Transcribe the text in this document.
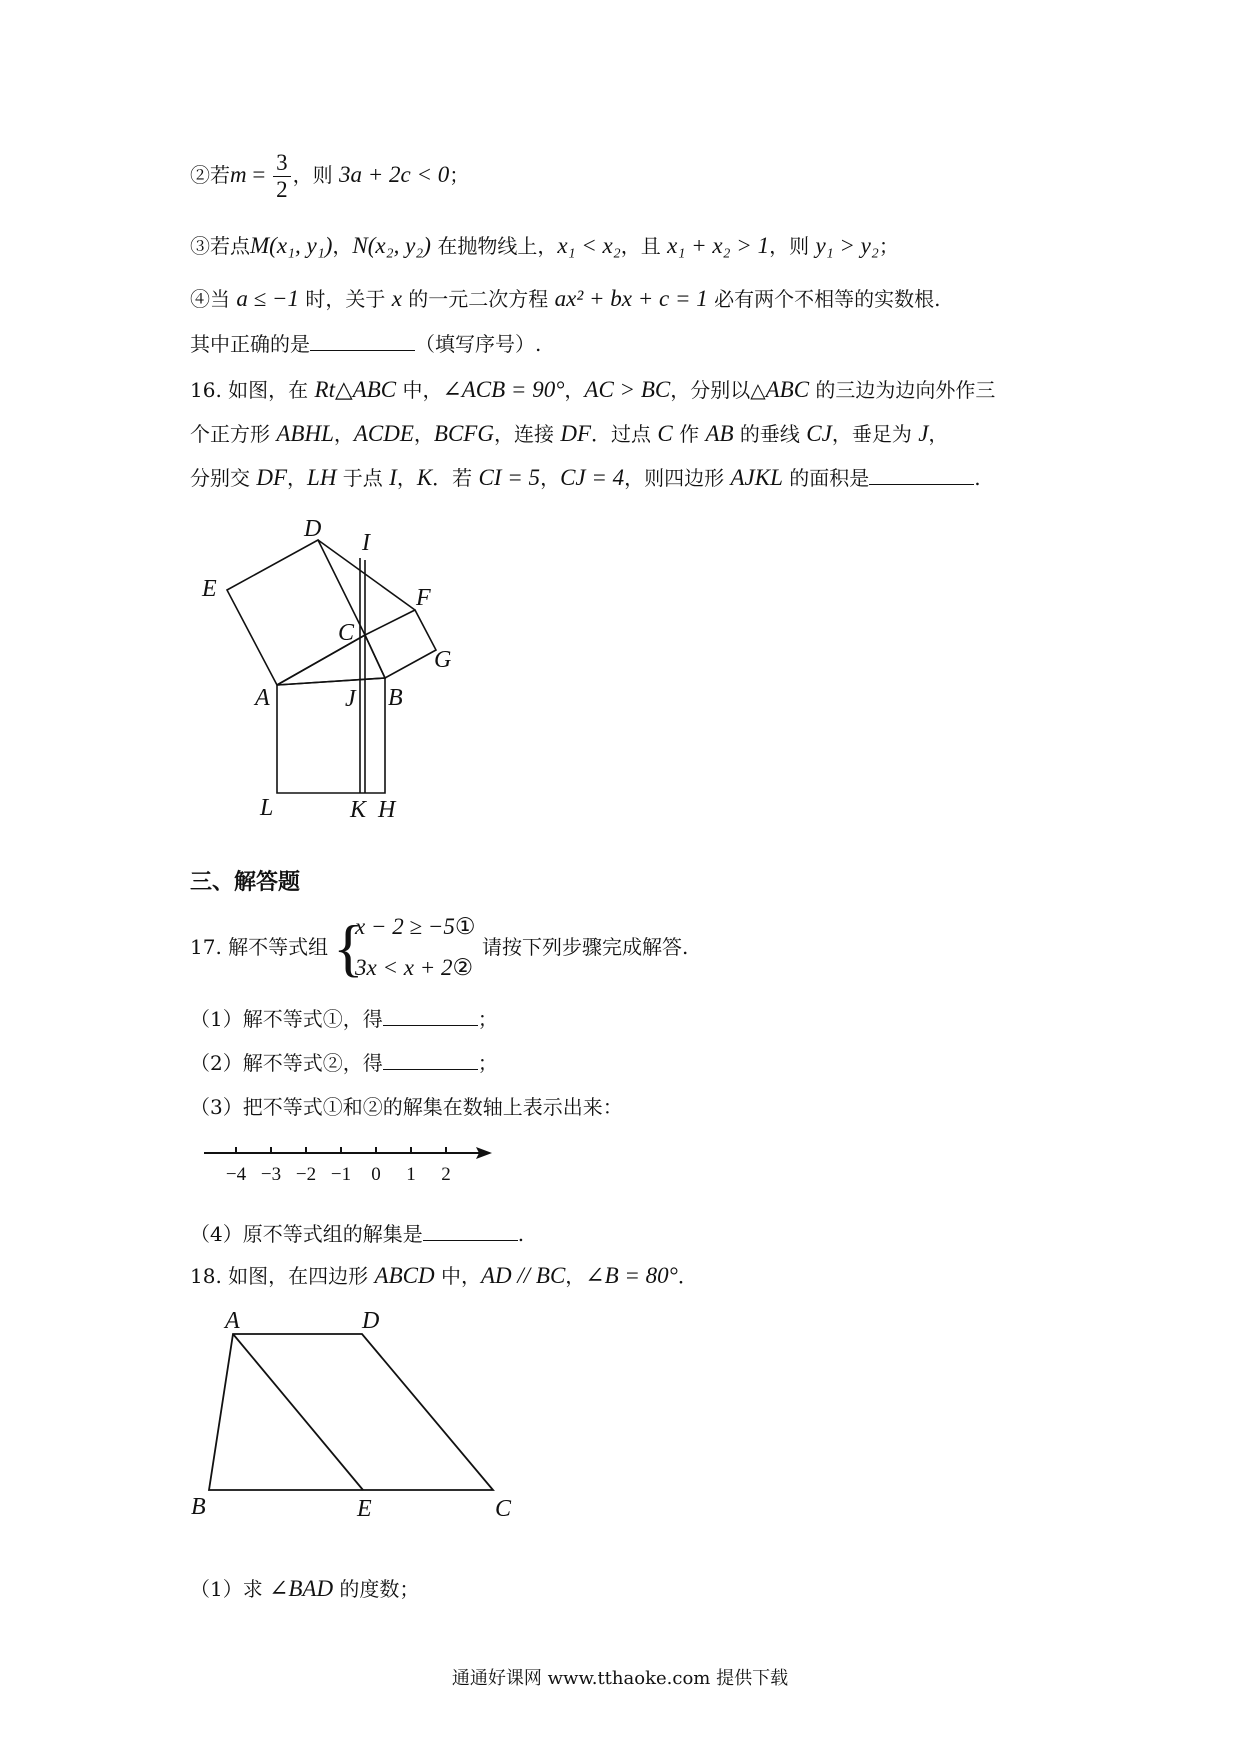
②若$m = \frac{3}{2}$ ，则 3a + 2c < 0；
③若点M(x₁, y₁)，N(x₂, y₂) 在抛物线上，x₁ < x₂，且 x₁ + x₂ > 1，则 y₁ > y₂；
④当 a ≤ −1 时，关于 x 的一元二次方程 ax² + bx + c = 1 必有两个不相等的实数根.
其中正确的是	（填写序号）.
16. 如图，在 Rt△ABC 中，∠ACB = 90°，AC > BC，分别以△ABC 的三边为边向外作三
个正方形 ABHL，ACDE，BCFG，连接 DF．过点 C 作 AB 的垂线 CJ，垂足为 J，
分别交 DF，LH 于点 I，K．若 CI = 5，CJ = 4，则四边形 AJKL 的面积是	.
D
I
E	F
C
G
A	J B
L	K H
三、解答题
17. 解不等式组 {
x − 2 ≥ −5①
3x < x + 2②
请按下列步骤完成解答.
（1）解不等式①，得	；
（2）解不等式②，得	；
（3）把不等式①和②的解集在数轴上表示出来：
−4 −3 −2 −1 0 1 2
（4）原不等式组的解集是	.
18. 如图，在四边形 ABCD 中，AD // BC，∠B = 80°．
A	D
B	E	C
（1）求 ∠BAD 的度数；
通通好课网 www.tthaoke.com 提供下载
